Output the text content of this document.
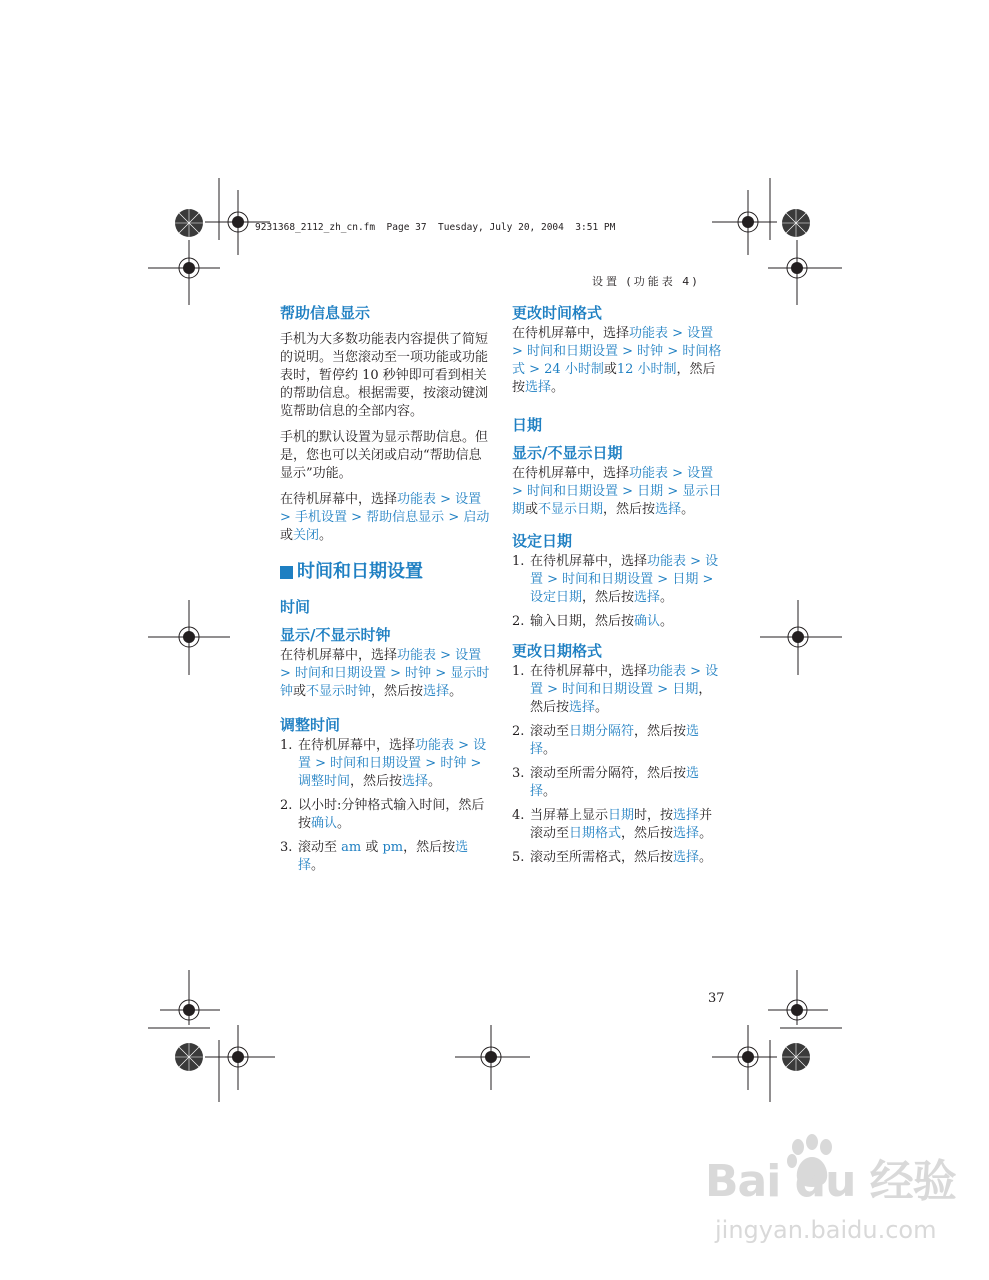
9231368_2112_zh_cn.fm  Page 37  Tuesday, July 20, 2004  3:51 PM
设置 (功能表 4)
帮助信息显示

手机为大多数功能表内容提供了简短的说明。当您滚动至一项功能或功能表时，暂停约 10 秒钟即可看到相关的帮助信息。根据需要，按滚动键浏览帮助信息的全部内容。

手机的默认设置为显示帮助信息。但是，您也可以关闭或启动“帮助信息显示”功能。

在待机屏幕中，选择功能表 > 设置 > 手机设置 > 帮助信息显示 > 启动或关闭。

时间和日期设置
时间
显示/不显示时钟

在待机屏幕中，选择功能表 > 设置 > 时间和日期设置 > 时钟 > 显示时钟或不显示时钟，然后按选择。

调整时间
1. 在待机屏幕中，选择功能表 > 设置 > 时间和日期设置 > 时钟 > 调整时间，然后按选择。
2. 以小时:分钟格式输入时间，然后按确认。
3. 滚动至 am 或 pm，然后按选择。
更改时间格式

在待机屏幕中，选择功能表 > 设置 > 时间和日期设置 > 时钟 > 时间格式 > 24 小时制或12 小时制，然后按选择。

日期
显示/不显示日期

在待机屏幕中，选择功能表 > 设置 > 时间和日期设置 > 日期 > 显示日期或不显示日期，然后按选择。

设定日期
1. 在待机屏幕中，选择功能表 > 设置 > 时间和日期设置 > 日期 > 设定日期，然后按选择。
2. 输入日期，然后按确认。
更改日期格式
1. 在待机屏幕中，选择功能表 > 设置 > 时间和日期设置 > 日期，然后按选择。
2. 滚动至日期分隔符，然后按选择。
3. 滚动至所需分隔符，然后按选择。
4. 当屏幕上显示日期时，按选择并滚动至日期格式，然后按选择。
5. 滚动至所需格式，然后按选择。
37
Bai du 经验
jingyan.baidu.com
